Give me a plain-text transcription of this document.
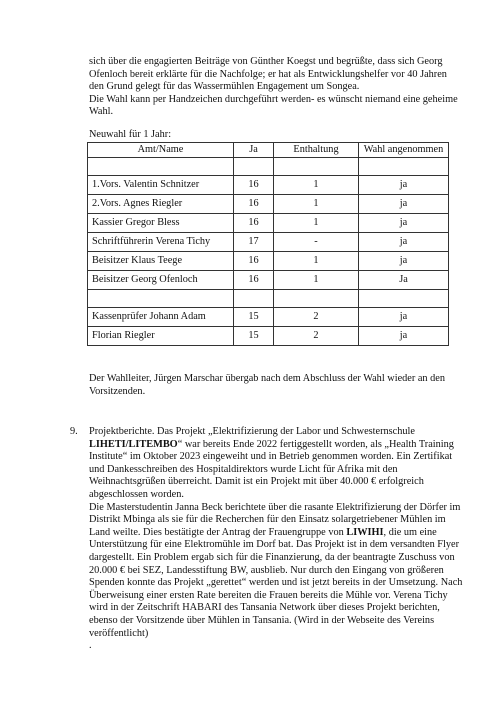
sich über die engagierten Beiträge von Günther Koegst und begrüßte, dass sich Georg Ofenloch bereit erklärte für die Nachfolge; er hat als Entwicklungshelfer vor 40 Jahren den Grund gelegt für das Wassermühlen Engagement um Songea.

Die Wahl kann per Handzeichen durchgeführt werden- es wünscht niemand eine geheime Wahl.

Neuwahl für 1 Jahr:
Amt/Name	Ja	Enthaltung	Wahl angenommen

1.Vors. Valentin Schnitzer	16	1	ja
2.Vors. Agnes Riegler	16	1	ja
Kassier Gregor Bless	16	1	ja
Schriftführerin Verena Tichy	17	-	ja
Beisitzer Klaus Teege	16	1	ja
Beisitzer Georg Ofenloch	16	1	Ja

Kassenprüfer Johann Adam	15	2	ja
Florian Riegler	15	2	ja
Der Wahlleiter, Jürgen Marschar übergab nach dem Abschluss der Wahl wieder an den Vorsitzenden.
9.	Projektberichte. Das Projekt „Elektrifizierung der Labor und Schwesternschule LIHETI/LITEMBO“ war bereits Ende 2022 fertiggestellt worden, als „Health Training Institute“ im Oktober 2023 eingeweiht und in Betrieb genommen worden. Ein Zertifikat und Dankesschreiben des Hospitaldirektors wurde Licht für Afrika mit den Weihnachtsgrüßen überreicht. Damit ist ein Projekt mit über 40.000 € erfolgreich abgeschlossen worden.

Die Masterstudentin Janna Beck berichtete über die rasante Elektrifizierung der Dörfer im Distrikt Mbinga als sie für die Recherchen für den Einsatz solargetriebener Mühlen im Land weilte. Dies bestätigte der Antrag der Frauengruppe von LIWIHI, die um eine Unterstützung für eine Elektromühle im Dorf bat. Das Projekt ist in dem versandten Flyer dargestellt. Ein Problem ergab sich für die Finanzierung, da der beantragte Zuschuss von 20.000 € bei SEZ, Landesstiftung BW, ausblieb. Nur durch den Eingang von größeren Spenden konnte das Projekt „gerettet“ werden und ist jetzt bereits in der Umsetzung. Nach Überweisung einer ersten Rate bereiten die Frauen bereits die Mühle vor. Verena Tichy wird in der Zeitschrift HABARI des Tansania Network über dieses Projekt berichten, ebenso der Vorsitzende über Mühlen in Tansania. (Wird in der Webseite des Vereins veröffentlicht)

.
